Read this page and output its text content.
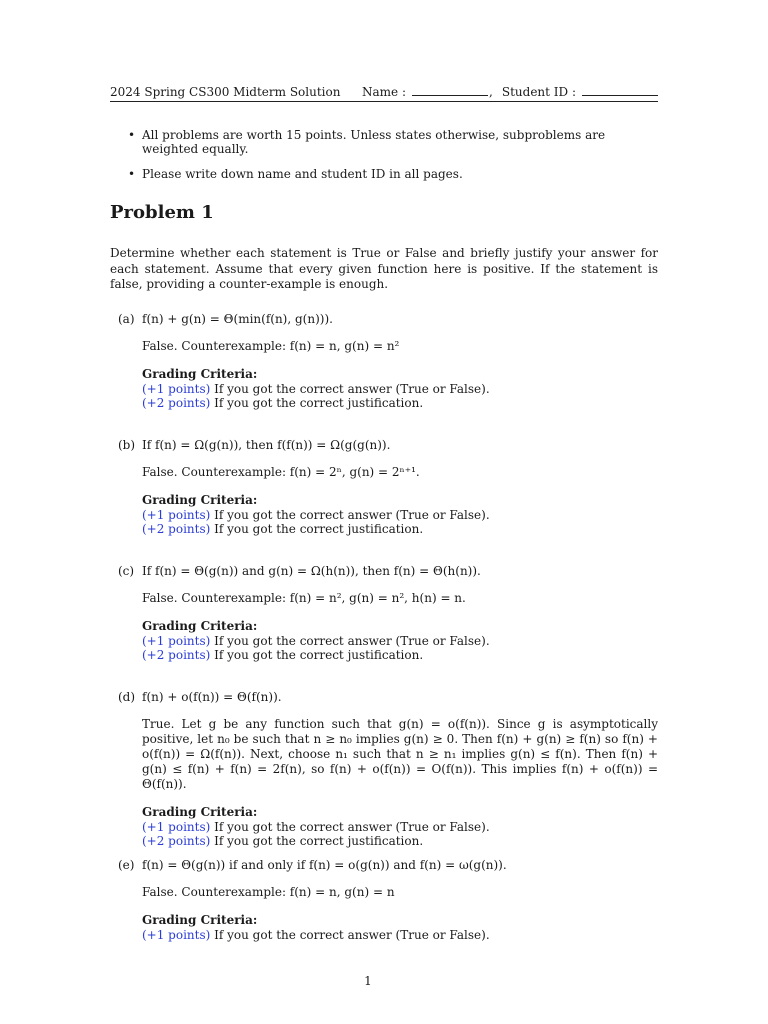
2024 Spring CS300 Midterm Solution	Name :	, Student ID :
• All problems are worth 15 points. Unless states otherwise, subproblems are weighted equally.
• Please write down name and student ID in all pages.
Problem 1

Determine whether each statement is True or False and briefly justify your answer for each statement. Assume that every given function here is positive. If the statement is false, providing a counter-example is enough.

(a) f(n) + g(n) = Θ(min(f(n), g(n))).
False. Counterexample: f(n) = n, g(n) = n²
Grading Criteria:
(+1 points) If you got the correct answer (True or False).
(+2 points) If you got the correct justification.
(b) If f(n) = Ω(g(n)), then f(f(n)) = Ω(g(g(n)).
False. Counterexample: f(n) = 2ⁿ, g(n) = 2ⁿ⁺¹.
Grading Criteria:
(+1 points) If you got the correct answer (True or False).
(+2 points) If you got the correct justification.
(c) If f(n) = Θ(g(n)) and g(n) = Ω(h(n)), then f(n) = Θ(h(n)).
False. Counterexample: f(n) = n², g(n) = n², h(n) = n.
Grading Criteria:
(+1 points) If you got the correct answer (True or False).
(+2 points) If you got the correct justification.
(d) f(n) + o(f(n)) = Θ(f(n)).
True. Let g be any function such that g(n) = o(f(n)). Since g is asymptotically positive, let n₀ be such that n ≥ n₀ implies g(n) ≥ 0. Then f(n) + g(n) ≥ f(n) so f(n) + o(f(n)) = Ω(f(n)). Next, choose n₁ such that n ≥ n₁ implies g(n) ≤ f(n). Then f(n) + g(n) ≤ f(n) + f(n) = 2f(n), so f(n) + o(f(n)) = O(f(n)). This implies f(n) + o(f(n)) = Θ(f(n)).
Grading Criteria:
(+1 points) If you got the correct answer (True or False).
(+2 points) If you got the correct justification.
(e) f(n) = Θ(g(n)) if and only if f(n) = o(g(n)) and f(n) = ω(g(n)).
False. Counterexample: f(n) = n, g(n) = n
Grading Criteria:
(+1 points) If you got the correct answer (True or False).
1
